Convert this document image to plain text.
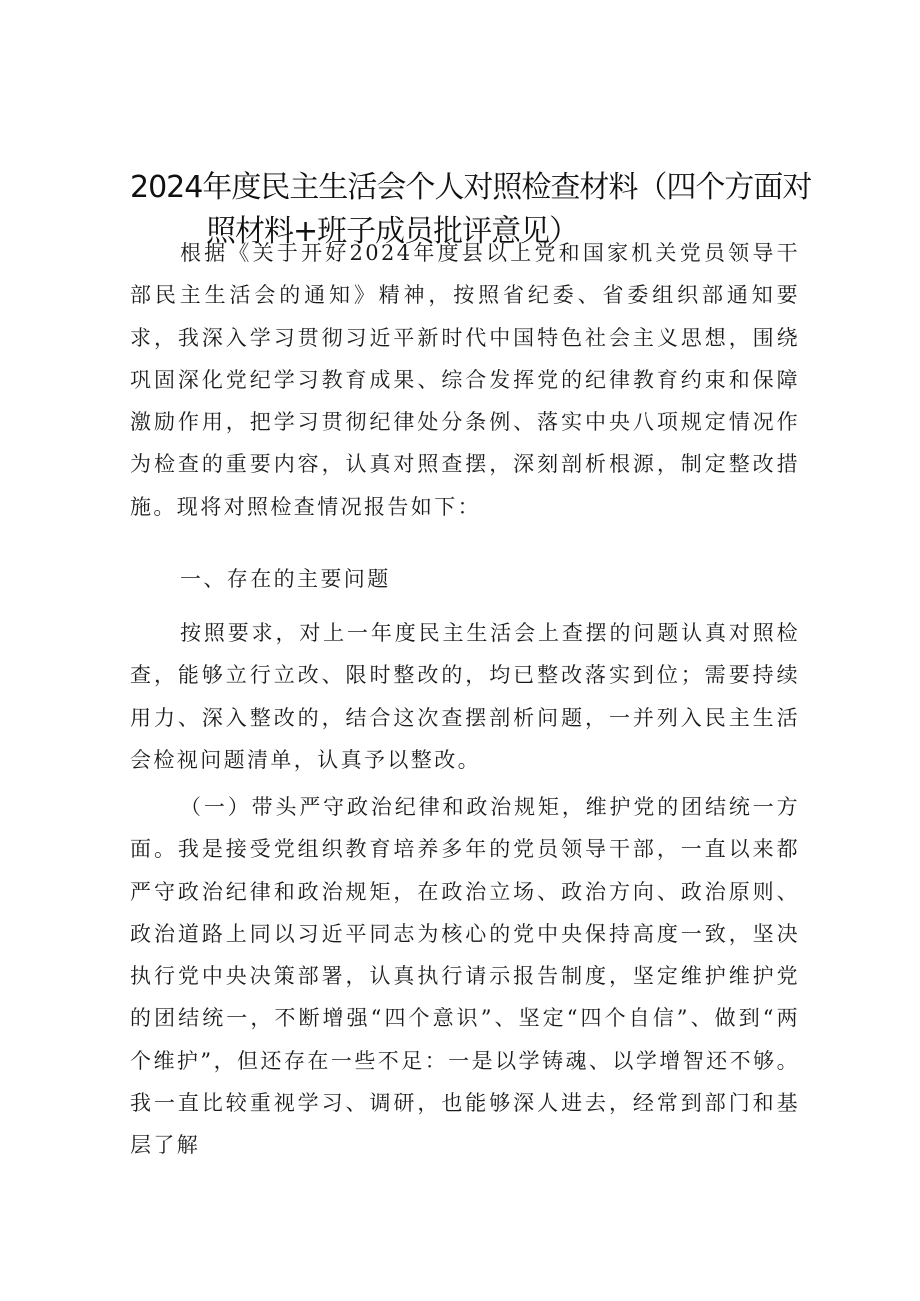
2024年度民主生活会个人对照检查材料（四个方面对
照材料+班子成员批评意见）

根据《关于开好2024年度县以上党和国家机关党员领导干部民主生活会的通知》精神，按照省纪委、省委组织部通知要求，我深入学习贯彻习近平新时代中国特色社会主义思想，围绕巩固深化党纪学习教育成果、综合发挥党的纪律教育约束和保障激励作用，把学习贯彻纪律处分条例、落实中央八项规定情况作为检查的重要内容，认真对照查摆，深刻剖析根源，制定整改措施。现将对照检查情况报告如下：

一、存在的主要问题

按照要求，对上一年度民主生活会上查摆的问题认真对照检查，能够立行立改、限时整改的，均已整改落实到位；需要持续用力、深入整改的，结合这次查摆剖析问题，一并列入民主生活会检视问题清单，认真予以整改。

（一）带头严守政治纪律和政治规矩，维护党的团结统一方面。我是接受党组织教育培养多年的党员领导干部，一直以来都严守政治纪律和政治规矩，在政治立场、政治方向、政治原则、政治道路上同以习近平同志为核心的党中央保持高度一致，坚决执行党中央决策部署，认真执行请示报告制度，坚定维护维护党的团结统一，不断增强“四个意识”、坚定“四个自信”、做到“两个维护”，但还存在一些不足：一是以学铸魂、以学增智还不够。我一直比较重视学习、调研，也能够深人进去，经常到部门和基层了解
